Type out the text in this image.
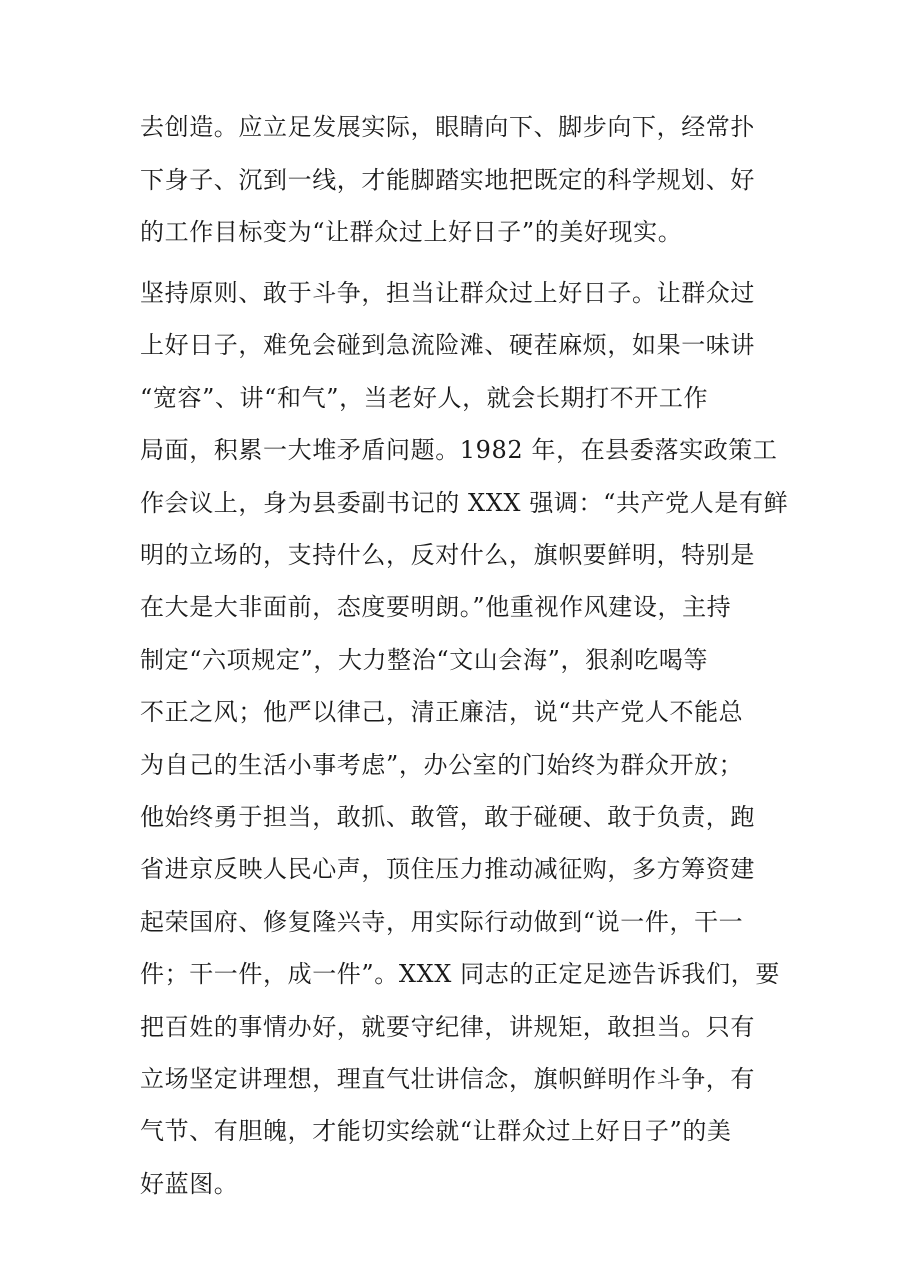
去创造。应立足发展实际，眼睛向下、脚步向下，经常扑
下身子、沉到一线，才能脚踏实地把既定的科学规划、好
的工作目标变为“让群众过上好日子”的美好现实。
坚持原则、敢于斗争，担当让群众过上好日子。让群众过
上好日子，难免会碰到急流险滩、硬茬麻烦，如果一味讲
“宽容”、讲“和气”，当老好人，就会长期打不开工作
局面，积累一大堆矛盾问题。1982 年，在县委落实政策工
作会议上，身为县委副书记的 XXX 强调：“共产党人是有鲜
明的立场的，支持什么，反对什么，旗帜要鲜明，特别是
在大是大非面前，态度要明朗。”他重视作风建设，主持
制定“六项规定”，大力整治“文山会海”，狠刹吃喝等
不正之风；他严以律己，清正廉洁，说“共产党人不能总
为自己的生活小事考虑”，办公室的门始终为群众开放；
他始终勇于担当，敢抓、敢管，敢于碰硬、敢于负责，跑
省进京反映人民心声，顶住压力推动减征购，多方筹资建
起荣国府、修复隆兴寺，用实际行动做到“说一件，干一
件；干一件，成一件”。XXX 同志的正定足迹告诉我们，要
把百姓的事情办好，就要守纪律，讲规矩，敢担当。只有
立场坚定讲理想，理直气壮讲信念，旗帜鲜明作斗争，有
气节、有胆魄，才能切实绘就“让群众过上好日子”的美
好蓝图。
